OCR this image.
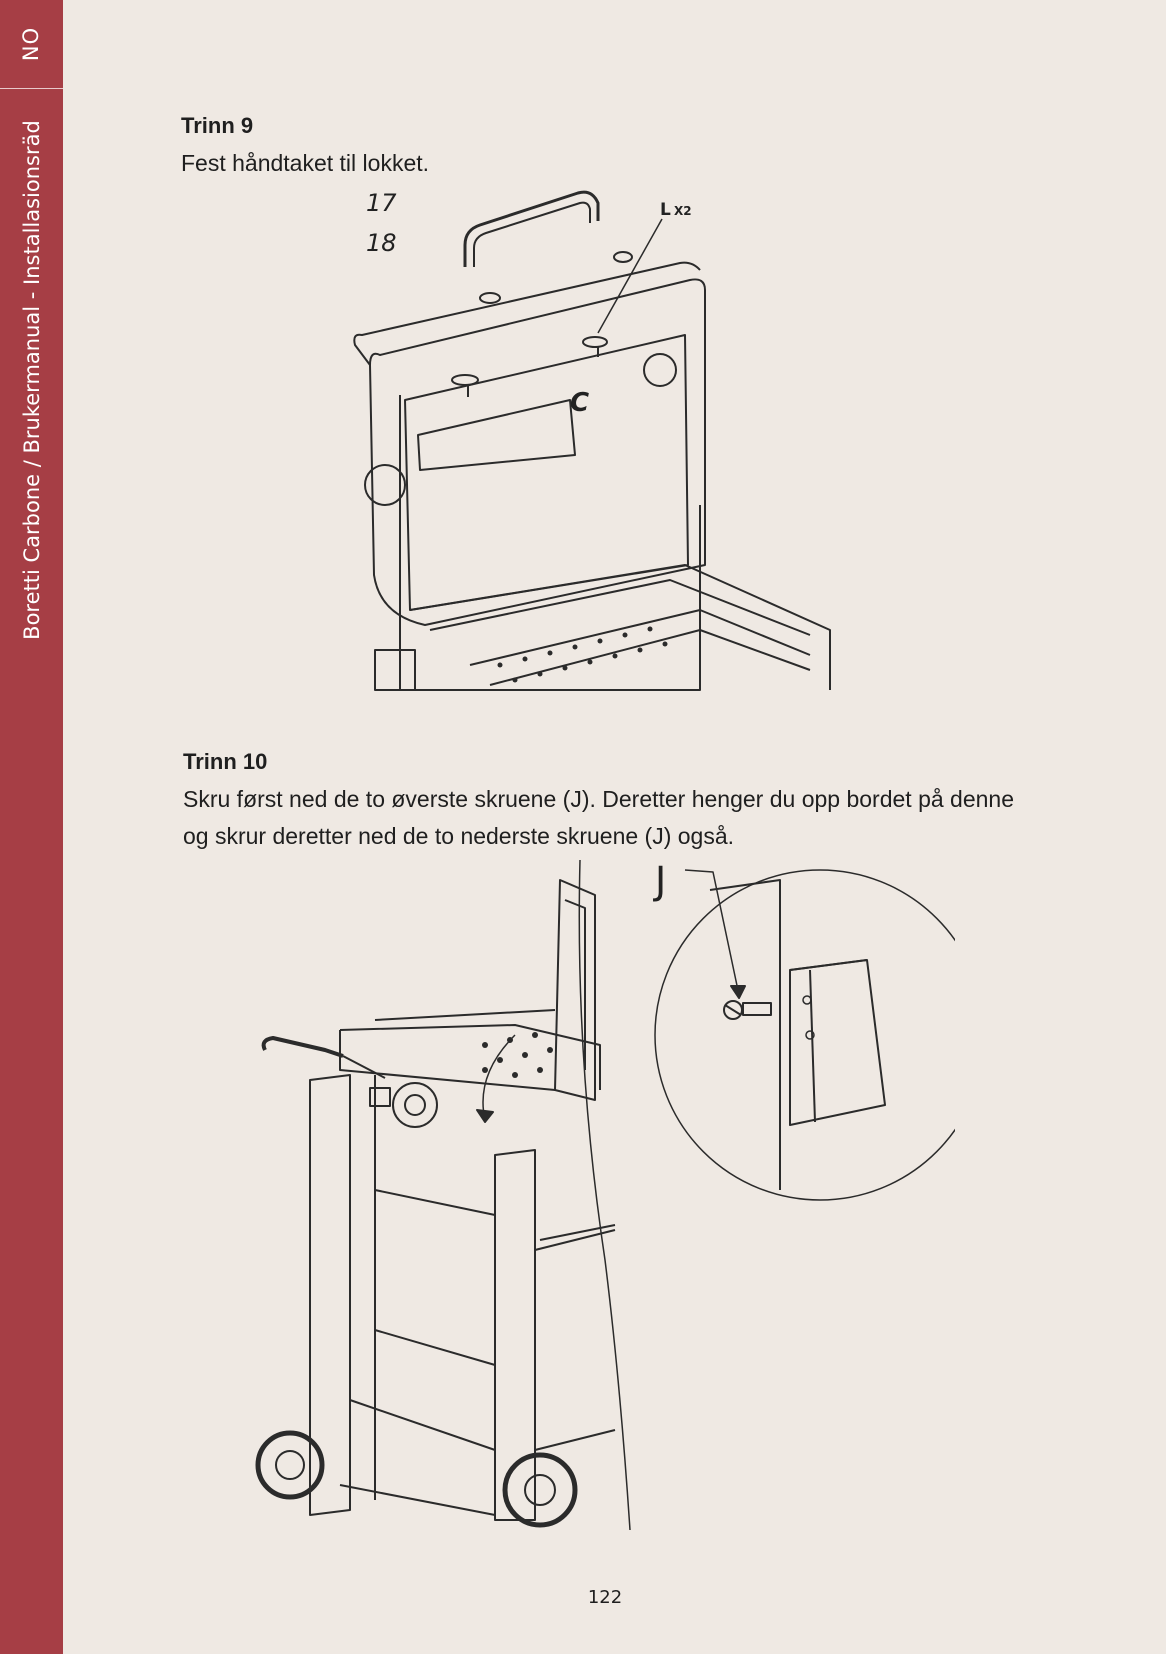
NO
Boretti Carbone / Brukermanual - Installasionsräd	Trinn 9
Fest håndtaket til lokket.
17
18
L X2
C
Trinn 10
Skru først ned de to øverste skruene (J). Deretter henger du opp bordet på denne
og skrur deretter ned de to nederste skruene (J) også.
J
122
